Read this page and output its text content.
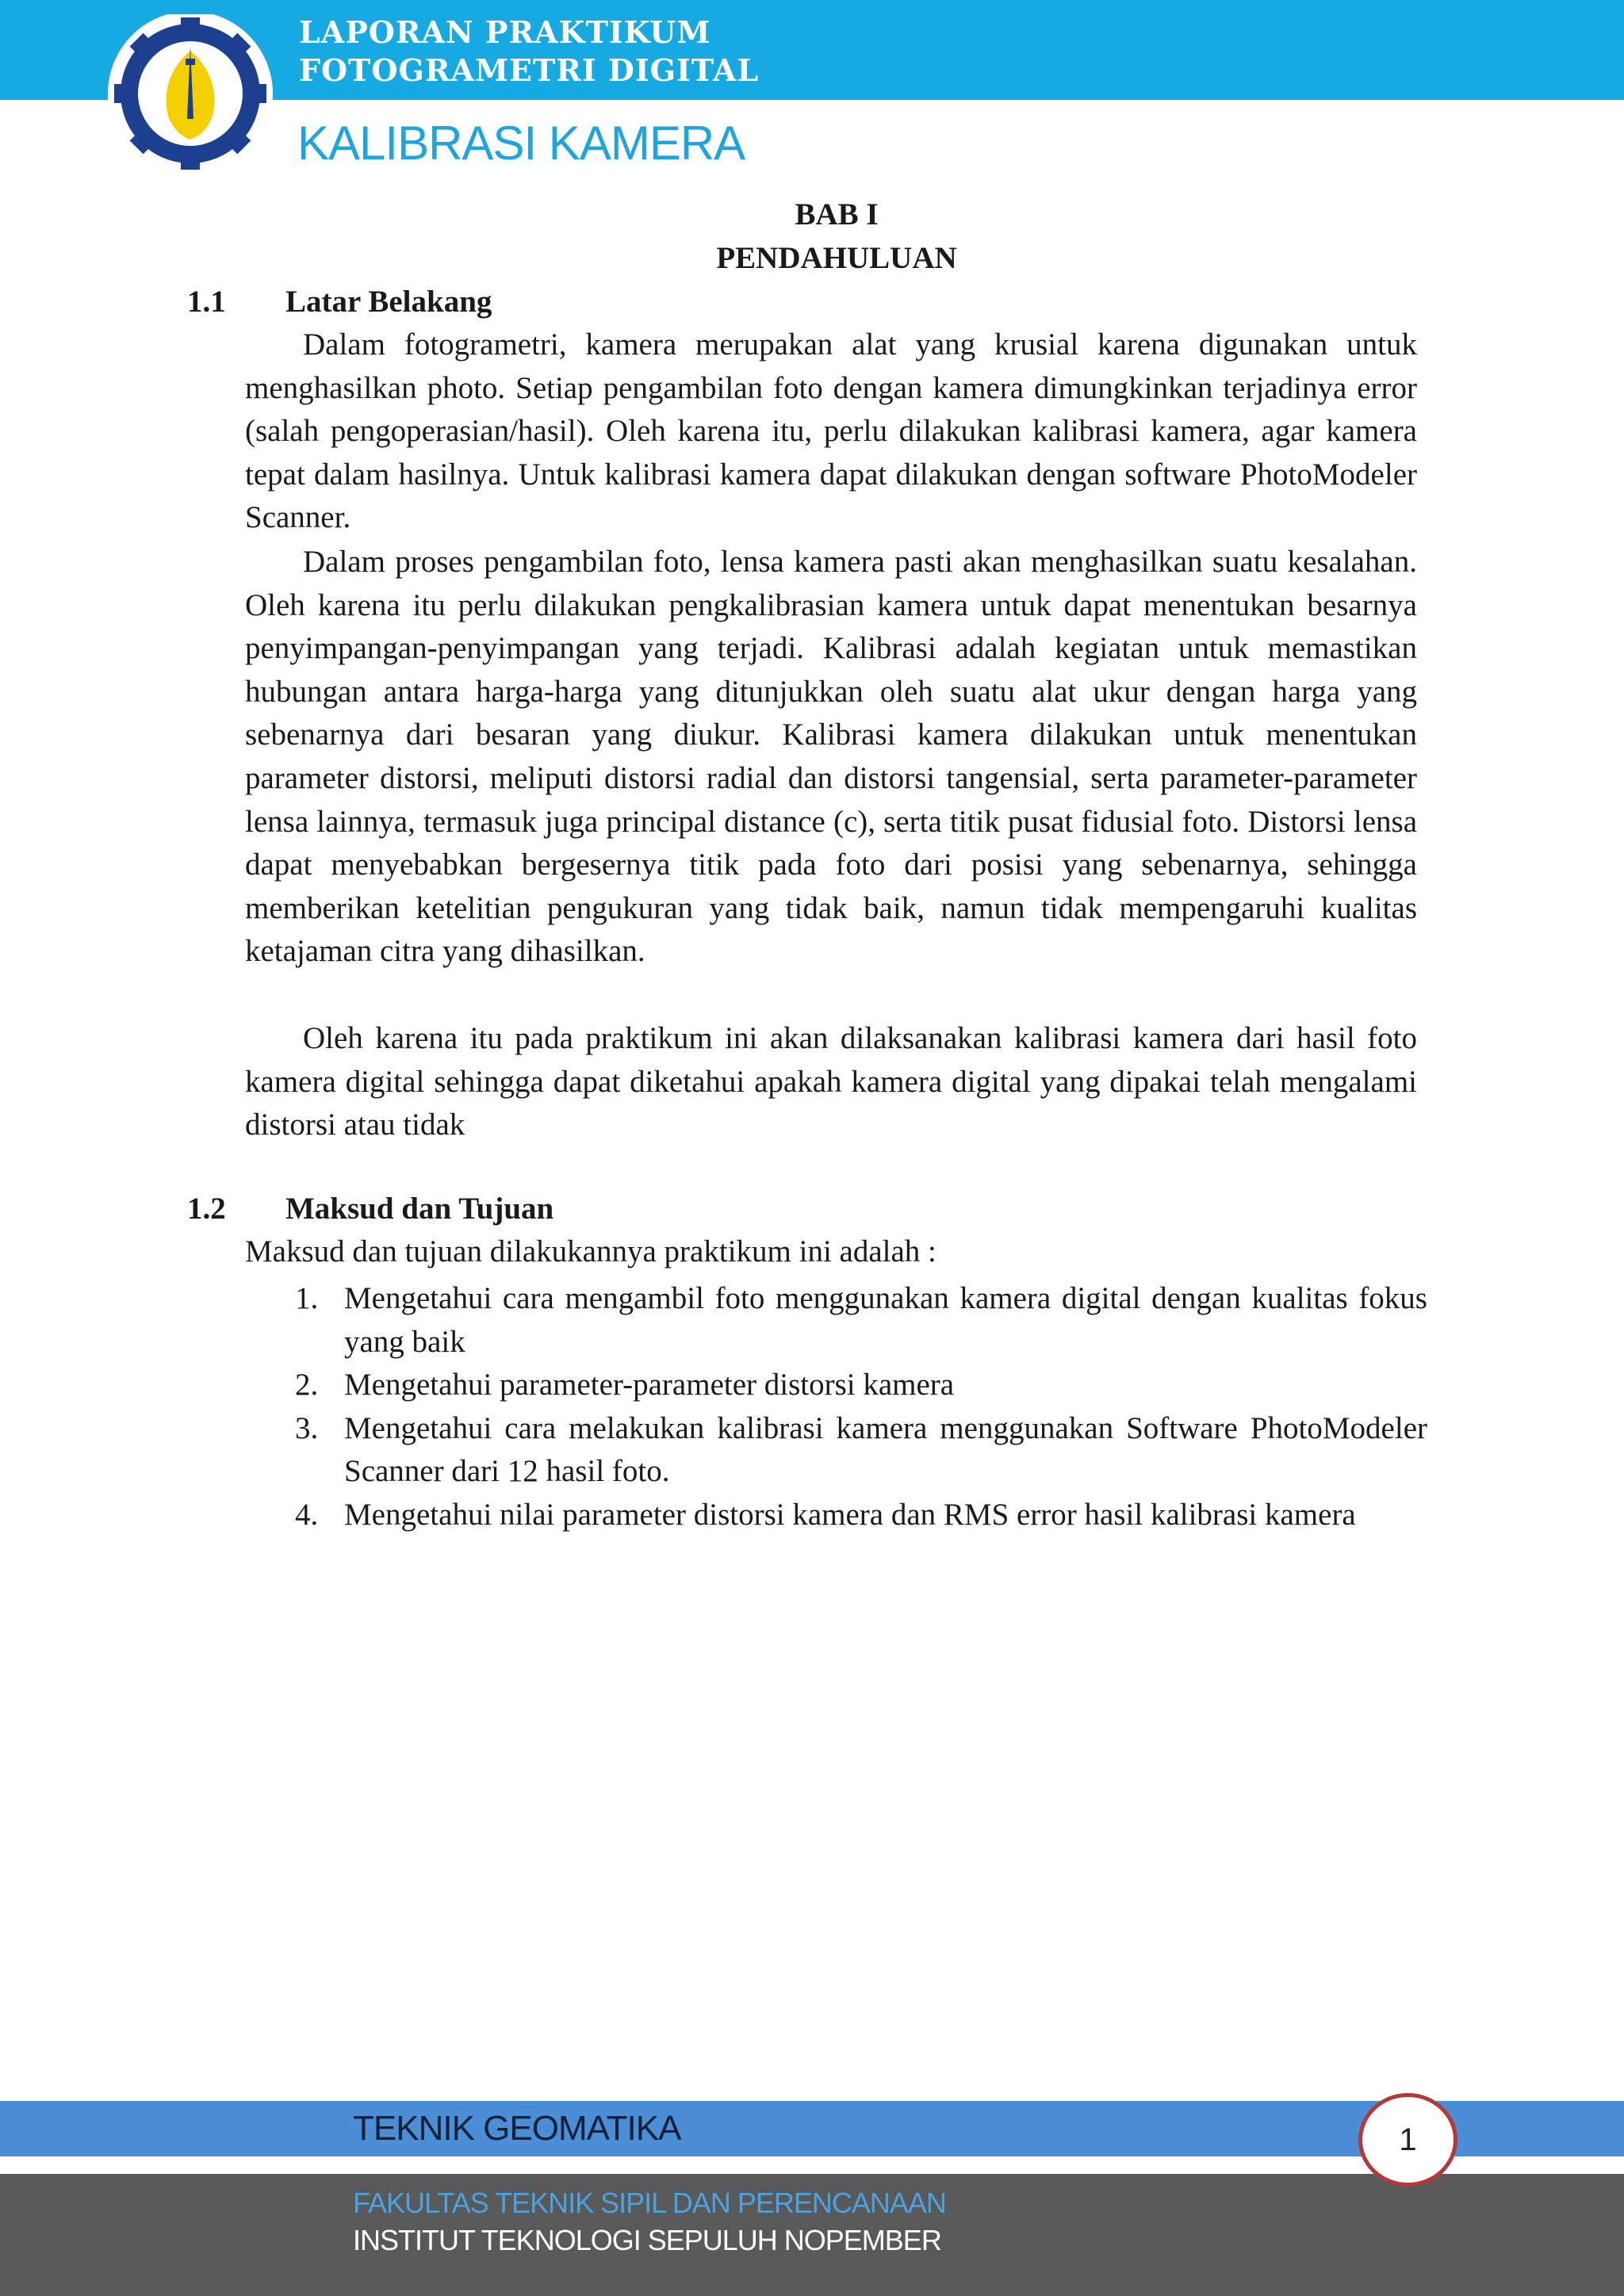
LAPORAN PRAKTIKUM
FOTOGRAMETRI DIGITAL
KALIBRASI KAMERA
BAB I
PENDAHULUAN
1.1 Latar Belakang
Dalam fotogrametri, kamera merupakan alat yang krusial karena digunakan untuk menghasilkan photo. Setiap pengambilan foto dengan kamera dimungkinkan terjadinya error (salah pengoperasian/hasil). Oleh karena itu, perlu dilakukan kalibrasi kamera, agar kamera tepat dalam hasilnya. Untuk kalibrasi kamera dapat dilakukan dengan software PhotoModeler Scanner.
Dalam proses pengambilan foto, lensa kamera pasti akan menghasilkan suatu kesalahan. Oleh karena itu perlu dilakukan pengkalibrasian kamera untuk dapat menentukan besarnya penyimpangan-penyimpangan yang terjadi. Kalibrasi adalah kegiatan untuk memastikan hubungan antara harga-harga yang ditunjukkan oleh suatu alat ukur dengan harga yang sebenarnya dari besaran yang diukur. Kalibrasi kamera dilakukan untuk menentukan parameter distorsi, meliputi distorsi radial dan distorsi tangensial, serta parameter-parameter lensa lainnya, termasuk juga principal distance (c), serta titik pusat fidusial foto. Distorsi lensa dapat menyebabkan bergesernya titik pada foto dari posisi yang sebenarnya, sehingga memberikan ketelitian pengukuran yang tidak baik, namun tidak mempengaruhi kualitas ketajaman citra yang dihasilkan.
Oleh karena itu pada praktikum ini akan dilaksanakan kalibrasi kamera dari hasil foto kamera digital sehingga dapat diketahui apakah kamera digital yang dipakai telah mengalami distorsi atau tidak
1.2 Maksud dan Tujuan
Maksud dan tujuan dilakukannya praktikum ini adalah :
1. Mengetahui cara mengambil foto menggunakan kamera digital dengan kualitas fokus yang baik
2. Mengetahui parameter-parameter distorsi kamera
3. Mengetahui cara melakukan kalibrasi kamera menggunakan Software PhotoModeler Scanner dari 12 hasil foto.
4. Mengetahui nilai parameter distorsi kamera dan RMS error hasil kalibrasi kamera
TEKNIK GEOMATIKA
FAKULTAS TEKNIK SIPIL DAN PERENCANAAN
INSTITUT TEKNOLOGI SEPULUH NOPEMBER
1
